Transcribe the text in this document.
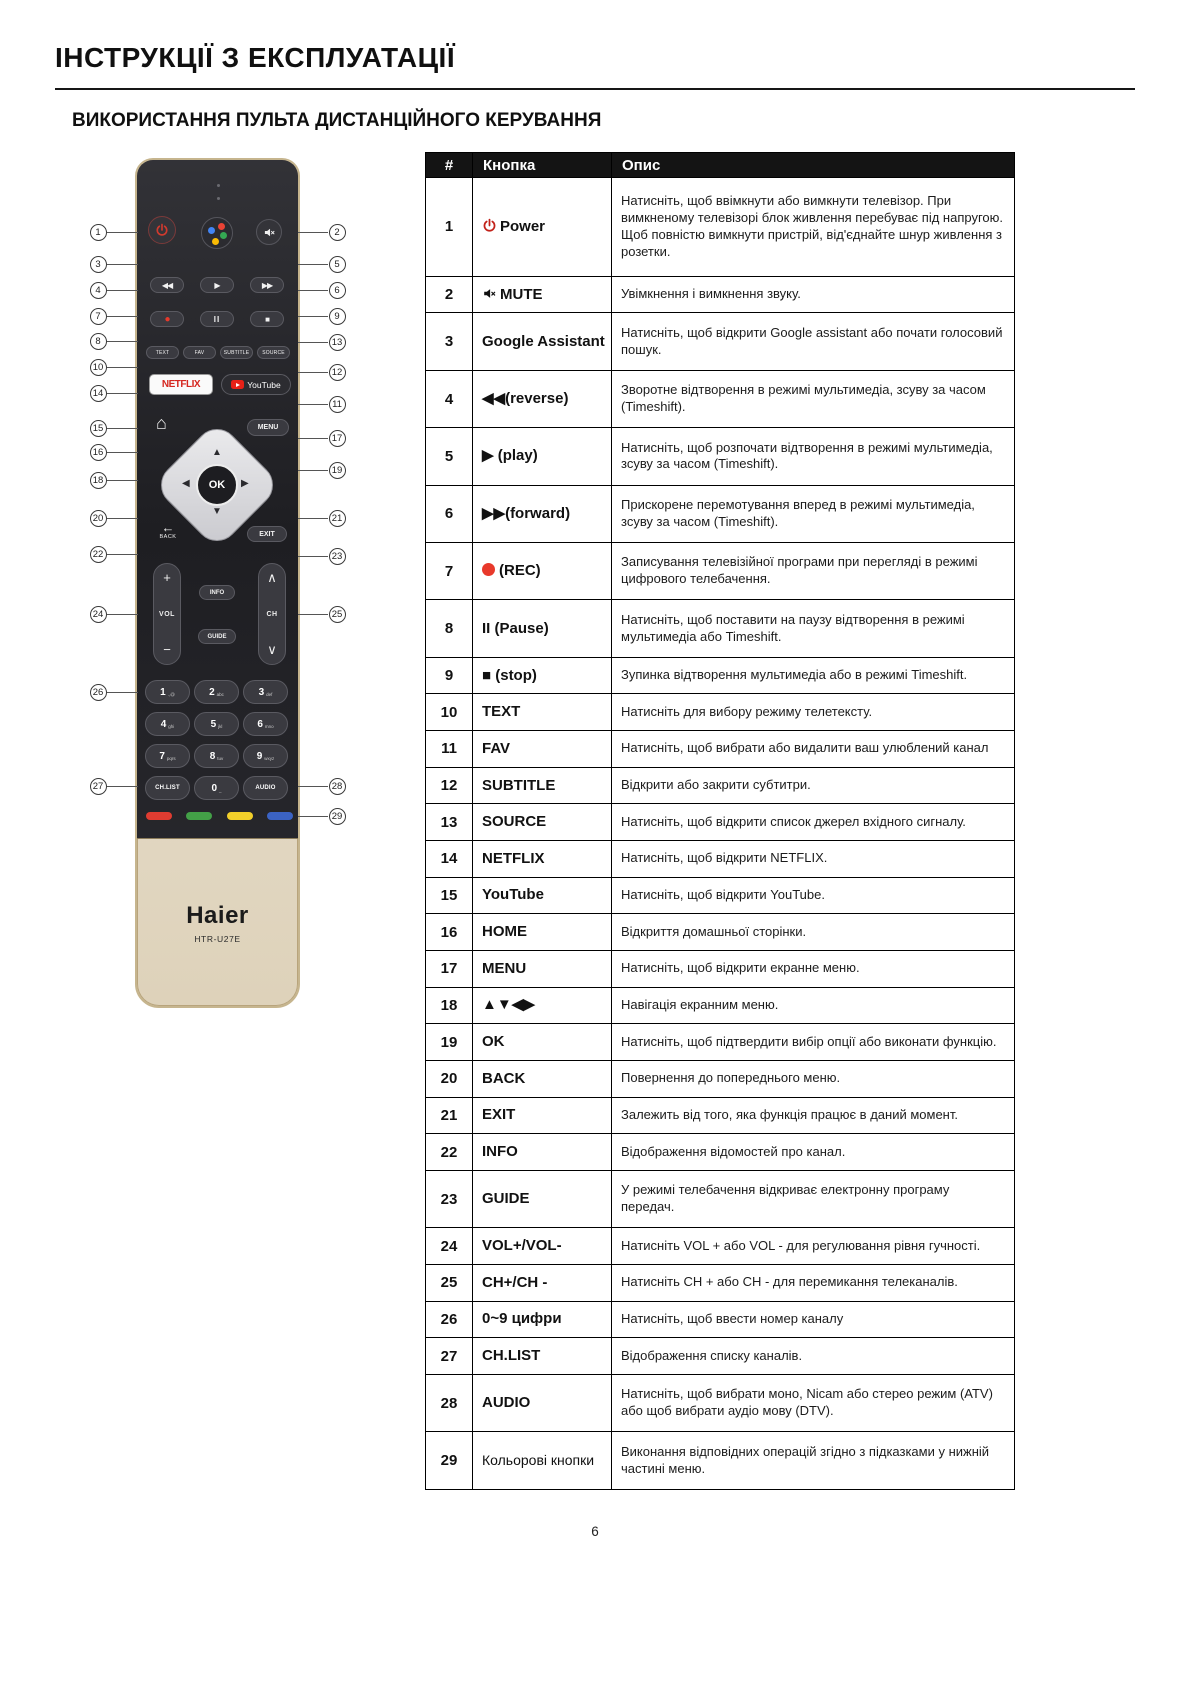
ІНСТРУКЦІЇ З ЕКСПЛУАТАЦІЇ
ВИКОРИСТАННЯ ПУЛЬТА ДИСТАНЦІЙНОГО КЕРУВАННЯ
◀◀	▶	▶▶
●	II	■
TEXT	FAV	SUBTITLE	SOURCE
NETFLIX	YouTube
⌂	MENU
▲
▼
◀	▶
OK
←
BACK	EXIT
+
VOL
−
INFO
GUIDE
∧
CH
∨
1 .,@	2 abc	3 def
4 ghi	5 jkl	6 mno
7 pqrs	8 tuv	9 wxyz
CH.LIST	0 _	AUDIO
Haier
HTR-U27E
1
3
4
7
8
10
14
15
16
18
20
22
24
26
27
2
5
6
9
13
12
11
17
19
21
23
25
28
29
#	Кнопка	Опис
1	Power	Натисніть, щоб ввімкнути або вимкнути телевізор. При вимкненому телевізорі блок живлення перебуває під напругою. Щоб повністю вимкнути пристрій, від'єднайте шнур живлення з розетки.
2	MUTE	Увімкнення і вимкнення звуку.
3	Google Assistant	Натисніть, щоб відкрити Google assistant або почати голосовий пошук.
4	◀◀(reverse)	Зворотне відтворення в режимі мультимедіа, зсуву за часом (Timeshift).
5	▶ (play)	Натисніть, щоб розпочати відтворення в режимі мультимедіа, зсуву за часом (Timeshift).
6	▶▶(forward)	Прискорене перемотування вперед в режимі мультимедіа, зсуву за часом (Timeshift).
7	(REC)	Записування телевізійної програми при перегляді в режимі цифрового телебачення.
8	II (Pause)	Натисніть, щоб поставити на паузу відтворення в режимі мультимедіа або Timeshift.
9	■ (stop)	Зупинка відтворення мультимедіа або в режимі Timeshift.
10	TEXT	Натисніть для вибору режиму телетексту.
11	FAV	Натисніть, щоб вибрати або видалити ваш улюблений канал
12	SUBTITLE	Відкрити або закрити субтитри.
13	SOURCE	Натисніть, щоб відкрити список джерел вхідного сигналу.
14	NETFLIX	Натисніть, щоб відкрити NETFLIX.
15	YouTube	Натисніть, щоб відкрити YouTube.
16	HOME	Відкриття домашньої сторінки.
17	MENU	Натисніть, щоб відкрити екранне меню.
18	▲▼◀▶	Навігація екранним меню.
19	OK	Натисніть, щоб підтвердити вибір опції або виконати функцію.
20	BACK	Повернення до попереднього меню.
21	EXIT	Залежить від того, яка функція працює в даний момент.
22	INFO	Відображення відомостей про канал.
23	GUIDE	У режимі телебачення відкриває електронну програму передач.
24	VOL+/VOL-	Натисніть VOL + або VOL - для регулювання рівня гучності.
25	CH+/CH -	Натисніть CH + або CH - для перемикання телеканалів.
26	0~9 цифри	Натисніть, щоб ввести номер каналу
27	CH.LIST	Відображення списку каналів.
28	AUDIO	Натисніть, щоб вибрати моно, Nicam або стерео режим (ATV) або щоб вибрати аудіо мову (DTV).
29	Кольорові кнопки	Виконання відповідних операцій згідно з підказками у нижній частині меню.
6
